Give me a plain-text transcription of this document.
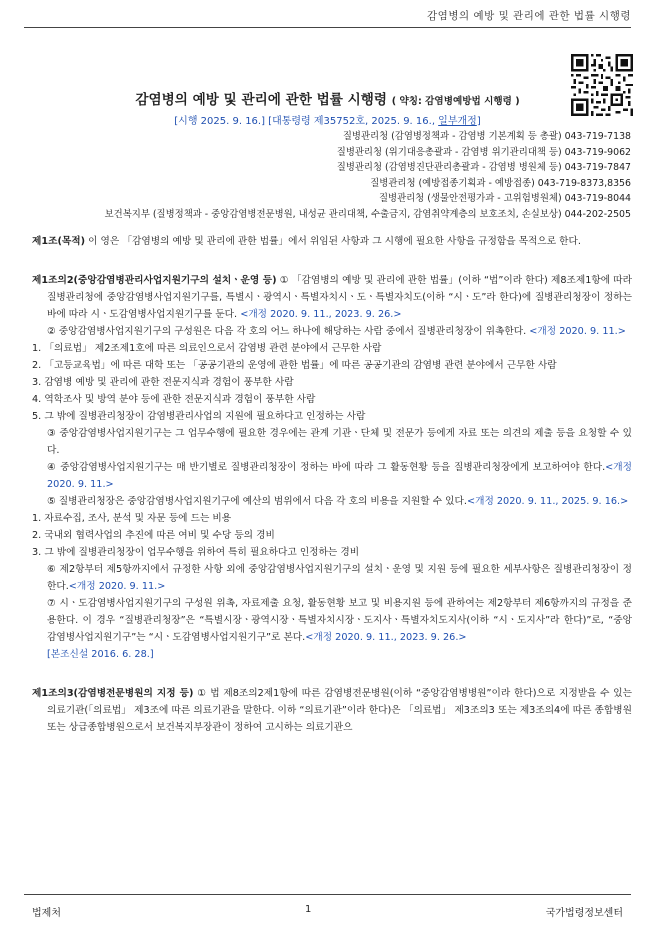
감염병의 예방 및 관리에 관한 법률 시행령
감염병의 예방 및 관리에 관한 법률 시행령 ( 약칭: 감염병예방법 시행령 )
[시행 2025. 9. 16.] [대통령령 제35752호, 2025. 9. 16., 일부개정]
질병관리청 (감염병정책과 - 감염병 기본계획 등 총괄) 043-719-7138
질병관리청 (위기대응총괄과 - 감염병 위기관리대책 등) 043-719-9062
질병관리청 (감염병진단관리총괄과 - 감염병 병원체 등) 043-719-7847
질병관리청 (예방접종기획과 - 예방접종) 043-719-8373,8356
질병관리청 (생물안전평가과 - 고위험병원체) 043-719-8044
보건복지부 (질병정책과 - 중앙감염병전문병원, 내성균 관리대책, 수출금지, 감염취약계층의 보호조치, 손실보상) 044-202-2505
제1조(목적) 이 영은 「감염병의 예방 및 관리에 관한 법률」에서 위임된 사항과 그 시행에 필요한 사항을 규정함을 목적으로 한다.
제1조의2(중앙감염병관리사업지원기구의 설치ㆍ운영 등) ① 「감염병의 예방 및 관리에 관한 법률」(이하 “법”이라 한다) 제8조제1항에 따라 질병관리청에 중앙감염병사업지원기구를, 특별시ㆍ광역시ㆍ특별자치시ㆍ도ㆍ특별자치도(이하 “시ㆍ도”라 한다)에 질병관리청장이 정하는 바에 따라 시ㆍ도감염병사업지원기구를 둔다. <개정 2020. 9. 11., 2023. 9. 26.>
② 중앙감염병사업지원기구의 구성원은 다음 각 호의 어느 하나에 해당하는 사람 중에서 질병관리청장이 위촉한다. <개정 2020. 9. 11.>
1. 「의료법」 제2조제1호에 따른 의료인으로서 감염병 관련 분야에서 근무한 사람
2. 「고등교육법」에 따른 대학 또는 「공공기관의 운영에 관한 법률」에 따른 공공기관의 감염병 관련 분야에서 근무한 사람
3. 감염병 예방 및 관리에 관한 전문지식과 경험이 풍부한 사람
4. 역학조사 및 방역 분야 등에 관한 전문지식과 경험이 풍부한 사람
5. 그 밖에 질병관리청장이 감염병관리사업의 지원에 필요하다고 인정하는 사람
③ 중앙감염병사업지원기구는 그 업무수행에 필요한 경우에는 관계 기관ㆍ단체 및 전문가 등에게 자료 또는 의견의 제출 등을 요청할 수 있다.
④ 중앙감염병사업지원기구는 매 반기별로 질병관리청장이 정하는 바에 따라 그 활동현황 등을 질병관리청장에게 보고하여야 한다.<개정 2020. 9. 11.>
⑤ 질병관리청장은 중앙감염병사업지원기구에 예산의 범위에서 다음 각 호의 비용을 지원할 수 있다.<개정 2020. 9. 11., 2025. 9. 16.>
1. 자료수집, 조사, 분석 및 자문 등에 드는 비용
2. 국내외 협력사업의 추진에 따른 여비 및 수당 등의 경비
3. 그 밖에 질병관리청장이 업무수행을 위하여 특히 필요하다고 인정하는 경비
⑥ 제2항부터 제5항까지에서 규정한 사항 외에 중앙감염병사업지원기구의 설치ㆍ운영 및 지원 등에 필요한 세부사항은 질병관리청장이 정한다.<개정 2020. 9. 11.>
⑦ 시ㆍ도감염병사업지원기구의 구성원 위촉, 자료제출 요청, 활동현황 보고 및 비용지원 등에 관하여는 제2항부터 제6항까지의 규정을 준용한다. 이 경우 “질병관리청장”은 “특별시장ㆍ광역시장ㆍ특별자치시장ㆍ도지사ㆍ특별자치도지사(이하 “시ㆍ도지사”라 한다)”로, “중앙감염병사업지원기구”는 “시ㆍ도감염병사업지원기구”로 본다.<개정 2020. 9. 11., 2023. 9. 26.>
[본조신설 2016. 6. 28.]
제1조의3(감염병전문병원의 지정 등) ① 법 제8조의2제1항에 따른 감염병전문병원(이하 “중앙감염병병원”이라 한다)으로 지정받을 수 있는 의료기관(「의료법」 제3조에 따른 의료기관을 말한다. 이하 “의료기관”이라 한다)은 「의료법」 제3조의3 또는 제3조의4에 따른 종합병원 또는 상급종합병원으로서 보건복지부장관이 정하여 고시하는 의료기관으
법제처	1	국가법령정보센터
